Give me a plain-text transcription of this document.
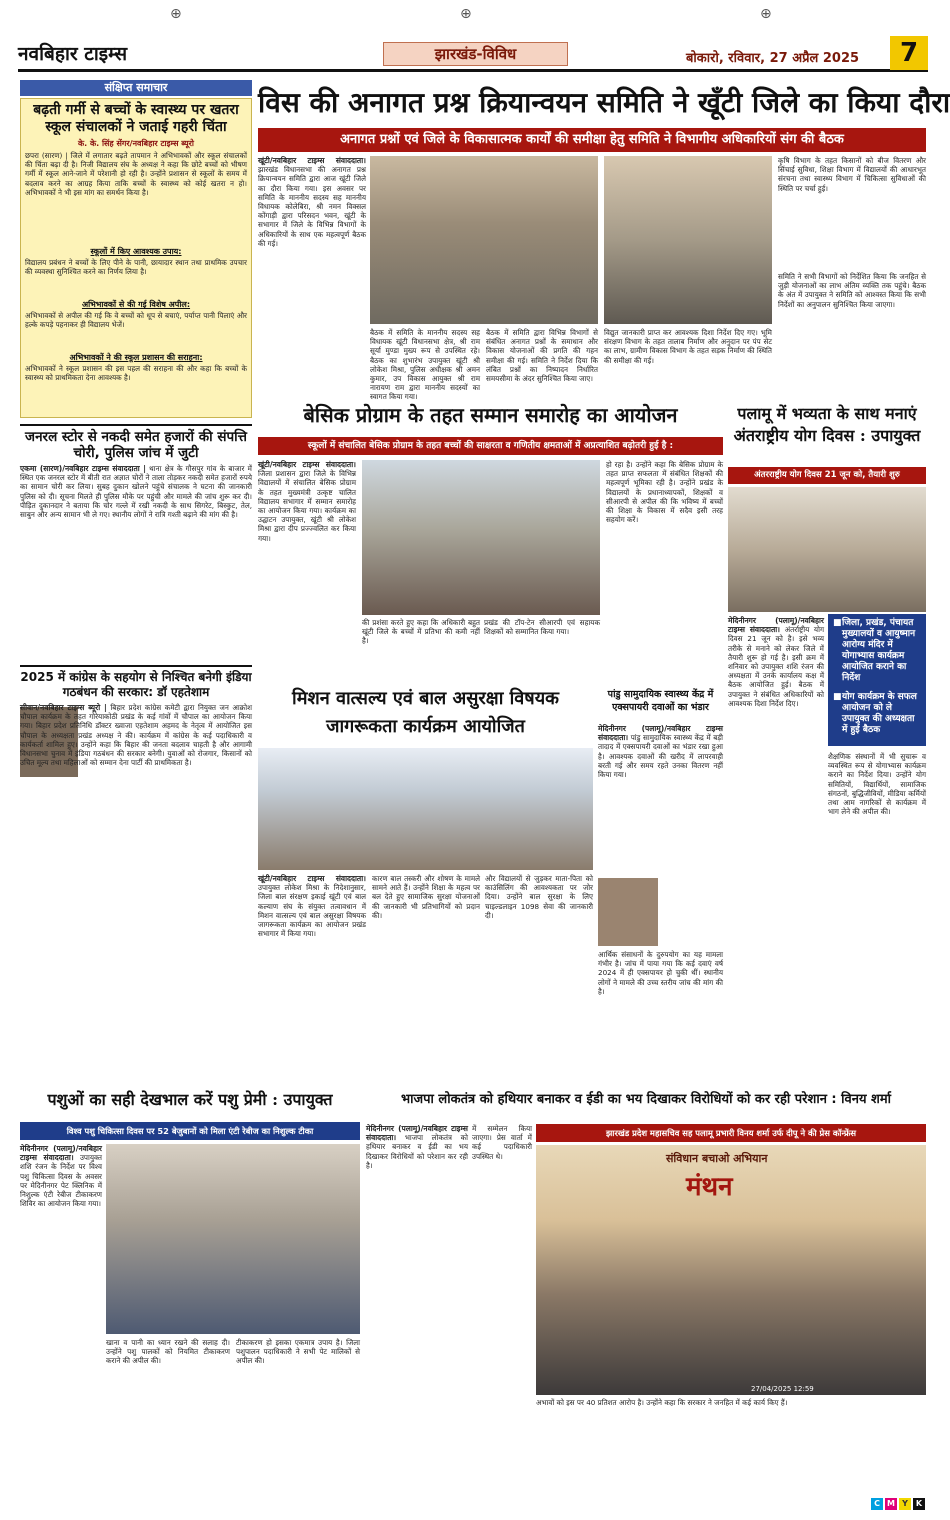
⊕	⊕	⊕
नवबिहार टाइम्स	झारखंड-विविध	बोकारो, रविवार, 27 अप्रैल 2025	7
संक्षिप्त समाचार
बढ़ती गर्मी से बच्चों के स्वास्थ्य पर खतरा स्कूल संचालकों ने जताई गहरी चिंता
के. के. सिंह सेंगर/नवबिहार टाइम्स ब्यूरो
छपरा (सारण) | जिले में लगातार बढ़ते तापमान ने अभिभावकों और स्कूल संचालकों की चिंता बढ़ा दी है। निजी विद्यालय संघ के अध्यक्ष ने कहा कि छोटे बच्चों को भीषण गर्मी में स्कूल आने-जाने में परेशानी हो रही है। उन्होंने प्रशासन से स्कूलों के समय में बदलाव करने का आग्रह किया ताकि बच्चों के स्वास्थ्य को कोई खतरा न हो। अभिभावकों ने भी इस मांग का समर्थन किया है।
स्कूलों में किए आवश्यक उपाय:
विद्यालय प्रबंधन ने बच्चों के लिए पीने के पानी, छायादार स्थान तथा प्राथमिक उपचार की व्यवस्था सुनिश्चित करने का निर्णय लिया है।
अभिभावकों से की गई विशेष अपील:
अभिभावकों से अपील की गई कि वे बच्चों को धूप से बचाएं, पर्याप्त पानी पिलाएं और हल्के कपड़े पहनाकर ही विद्यालय भेजें।
अभिभावकों ने की स्कूल प्रशासन की सराहना:
अभिभावकों ने स्कूल प्रशासन की इस पहल की सराहना की और कहा कि बच्चों के स्वास्थ्य को प्राथमिकता देना आवश्यक है।
जनरल स्टोर से नकदी समेत हजारों की संपत्ति चोरी, पुलिस जांच में जुटी
एकमा (सारण)/नवबिहार टाइम्स संवाददाता | थाना क्षेत्र के गौसपुर गांव के बाजार में स्थित एक जनरल स्टोर में बीती रात अज्ञात चोरों ने ताला तोड़कर नकदी समेत हजारों रुपये का सामान चोरी कर लिया। सुबह दुकान खोलने पहुंचे संचालक ने घटना की जानकारी पुलिस को दी। सूचना मिलते ही पुलिस मौके पर पहुंची और मामले की जांच शुरू कर दी। पीड़ित दुकानदार ने बताया कि चोर गल्ले में रखी नकदी के साथ सिगरेट, बिस्कुट, तेल, साबुन और अन्य सामान भी ले गए। स्थानीय लोगों ने रात्रि गश्ती बढ़ाने की मांग की है।
2025 में कांग्रेस के सहयोग से निश्चित बनेगी इंडिया गठबंधन की सरकार: डॉ एहतेशाम
सीवान/नवबिहार टाइम्स ब्यूरो | बिहार प्रदेश कांग्रेस कमेटी द्वारा नियुक्त जन आक्रोश चौपाल कार्यक्रम के तहत गोरेयाकोठी प्रखंड के कई गांवों में चौपाल का आयोजन किया गया। बिहार प्रदेश प्रतिनिधि डॉक्टर ख्वाजा एहतेशाम अहमद के नेतृत्व में आयोजित इस चौपाल के अध्यक्षता प्रखंड अध्यक्ष ने की। कार्यक्रम में कांग्रेस के कई पदाधिकारी व कार्यकर्ता शामिल हुए। उन्होंने कहा कि बिहार की जनता बदलाव चाहती है और आगामी विधानसभा चुनाव में इंडिया गठबंधन की सरकार बनेगी। युवाओं को रोजगार, किसानों को उचित मूल्य तथा महिलाओं को सम्मान देना पार्टी की प्राथमिकता है।
विस की अनागत प्रश्न क्रियान्वयन समिति ने खूँटी जिले का किया दौरा
अनागत प्रश्नों एवं जिले के विकासात्मक कार्यों की समीक्षा हेतु समिति ने विभागीय अधिकारियों संग की बैठक
खूंटी/नवबिहार टाइम्स संवाददाता। झारखंड विधानसभा की अनागत प्रश्न क्रियान्वयन समिति द्वारा आज खूंटी जिले का दौरा किया गया। इस अवसर पर समिति के माननीय सदस्य सह माननीय विधायक कोलेबिरा, श्री नमन विक्सल कोंगाड़ी द्वारा परिसदन भवन, खूंटी के सभागार में जिले के विभिन्न विभागों के अधिकारियों के साथ एक महत्वपूर्ण बैठक की गई।
बैठक में समिति के माननीय सदस्य सह विधायक खूंटी विधानसभा क्षेत्र, श्री राम सूर्या मुण्डा मुख्य रूप से उपस्थित रहे। बैठक का शुभारंभ उपायुक्त खूंटी श्री लोकेश मिश्रा, पुलिस अधीक्षक श्री अमन कुमार, उप विकास आयुक्त श्री राम नारायण राम द्वारा माननीय सदस्यों का स्वागत किया गया।
बैठक में समिति द्वारा विभिन्न विभागों से संबंधित अनागत प्रश्नों के समाधान और विकास योजनाओं की प्रगति की गहन समीक्षा की गई। समिति ने निर्देश दिया कि लंबित प्रश्नों का निष्पादन निर्धारित समयसीमा के अंदर सुनिश्चित किया जाए।
विद्युत जानकारी प्राप्त कर आवश्यक दिशा निर्देश दिए गए। भूमि संरक्षण विभाग के तहत तालाब निर्माण और अनुदान पर पंप सेट का लाभ, ग्रामीण विकास विभाग के तहत सड़क निर्माण की स्थिति की समीक्षा की गई।
कृषि विभाग के तहत किसानों को बीज वितरण और सिंचाई सुविधा, शिक्षा विभाग में विद्यालयों की आधारभूत संरचना तथा स्वास्थ्य विभाग में चिकित्सा सुविधाओं की स्थिति पर चर्चा हुई।
समिति ने सभी विभागों को निर्देशित किया कि जनहित से जुड़ी योजनाओं का लाभ अंतिम व्यक्ति तक पहुंचे। बैठक के अंत में उपायुक्त ने समिति को आश्वस्त किया कि सभी निर्देशों का अनुपालन सुनिश्चित किया जाएगा।
बेसिक प्रोग्राम के तहत सम्मान समारोह का आयोजन
स्कूलों में संचालित बेसिक प्रोग्राम के तहत बच्चों की साक्षरता व गणितीय क्षमताओं में अप्रत्याशित बढ़ोतरी हुई है :
खूंटी/नवबिहार टाइम्स संवाददाता। जिला प्रशासन द्वारा जिले के विभिन्न विद्यालयों में संचालित बेसिक प्रोग्राम के तहत मुख्यमंत्री उत्कृष्ट चालित विद्यालय सभागार में सम्मान समारोह का आयोजन किया गया। कार्यक्रम का उद्घाटन उपायुक्त, खूंटी श्री लोकेश मिश्रा द्वारा दीप प्रज्ज्वलित कर किया गया।
की प्रशंसा करते हुए कहा कि अधिकारी बहुत खूंटी जिले के बच्चों में प्रतिभा की कमी नहीं है।
प्रखंड की टॉप-टेन सीआरपी एवं सहायक शिक्षकों को सम्मानित किया गया।
हो रहा है। उन्होंने कहा कि बेसिक प्रोग्राम के तहत प्राप्त सफलता में संबंधित शिक्षकों की महत्वपूर्ण भूमिका रही है। उन्होंने प्रखंड के विद्यालयों के प्रधानाध्यापकों, शिक्षकों व सीआरपी से अपील की कि भविष्य में बच्चों की शिक्षा के विकास में सदैव इसी तरह सहयोग करें।
पलामू में भव्यता के साथ मनाएं अंतराष्ट्रीय योग दिवस : उपायुक्त
अंतरराष्ट्रीय योग दिवस 21 जून को, तैयारी शुरु
मेदिनीनगर (पलामू)/नवबिहार टाइम्स संवाददाता। अंतर्राष्ट्रीय योग दिवस 21 जून को है। इसे भव्य तरीके से मनाने को लेकर जिले में तैयारी शुरू हो गई है। इसी क्रम में शनिवार को उपायुक्त शशि रंजन की अध्यक्षता में उनके कार्यालय कक्ष में बैठक आयोजित हुई। बैठक में उपायुक्त ने संबंधित अधिकारियों को आवश्यक दिशा निर्देश दिए।

■ जिला, प्रखंड, पंचायत मुख्यालयों व आयुष्मान आरोग्य मंदिर में योगाभ्यास कार्यक्रम आयोजित कराने का निर्देश

■ योग कार्यक्रम के सफल आयोजन को ले उपायुक्त की अध्यक्षता में हुई बैठक

शैक्षणिक संस्थानों में भी सुचारू व व्यवस्थित रूप से योगाभ्यास कार्यक्रम कराने का निर्देश दिया। उन्होंने योग समितियों, विद्यार्थियों, सामाजिक संगठनों, बुद्धिजीवियों, मीडिया कर्मियों तथा आम नागरिकों से कार्यक्रम में भाग लेने की अपील की।
मिशन वात्सल्य एवं बाल असुरक्षा विषयक जागरूकता कार्यक्रम आयोजित
खूंटी/नवबिहार टाइम्स संवाददाता। उपायुक्त लोकेश मिश्रा के निदेशानुसार, जिला बाल संरक्षण इकाई खूंटी एवं बाल कल्याण संघ के संयुक्त तत्वावधान में मिशन वात्सल्य एवं बाल असुरक्षा विषयक जागरूकता कार्यक्रम का आयोजन प्रखंड सभागार में किया गया।
कारण बाल तस्करी और शोषण के मामले सामने आते हैं। उन्होंने शिक्षा के महत्व पर बल देते हुए सामाजिक सुरक्षा योजनाओं की जानकारी भी प्रतिभागियों को प्रदान की।
और विद्यालयों से जुड़कर माता-पिता को काउंसिलिंग की आवश्यकता पर जोर दिया। उन्होंने बाल सुरक्षा के लिए चाइल्डलाइन 1098 सेवा की जानकारी दी।
पांडु सामुदायिक स्वास्थ्य केंद्र में एक्सपायरी दवाओं का भंडार
मेदिनीनगर (पलामू)/नवबिहार टाइम्स संवाददाता। पांडु सामुदायिक स्वास्थ्य केंद्र में बड़ी तादाद में एक्सपायरी दवाओं का भंडार रखा हुआ है। आवश्यक दवाओं की खरीद में लापरवाही बरती गई और समय रहते उनका वितरण नहीं किया गया।
आर्थिक संसाधनों के दुरुपयोग का यह मामला गंभीर है। जांच में पाया गया कि कई दवाएं वर्ष 2024 में ही एक्सपायर हो चुकी थीं। स्थानीय लोगों ने मामले की उच्च स्तरीय जांच की मांग की है।
पशुओं का सही देखभाल करें पशु प्रेमी : उपायुक्त
विश्व पशु चिकित्सा दिवस पर 52 बेजुबानों को मिला एंटी रेबीज का निशुल्क टीका
मेदिनीनगर (पलामू)/नवबिहार टाइम्स संवाददाता। उपायुक्त शशि रंजन के निर्देश पर विश्व पशु चिकित्सा दिवस के अवसर पर मेदिनीनगर पेट क्लिनिक में निशुल्क एंटी रेबीज टीकाकरण शिविर का आयोजन किया गया।
खाना व पानी का ध्यान रखने की सलाह दी। उन्होंने पशु पालकों को नियमित टीकाकरण कराने की अपील की।
टीकाकरण हो इसका एकमात्र उपाय है। जिला पशुपालन पदाधिकारी ने सभी पेट मालिकों से अपील की।
भाजपा लोकतंत्र को हथियार बनाकर व ईडी का भय दिखाकर विरोधियों को कर रही परेशान : विनय शर्मा
मेदिनीनगर (पलामू)/नवबिहार टाइम्स संवाददाता। भाजपा लोकतंत्र को हथियार बनाकर व ईडी का भय दिखाकर विरोधियों को परेशान कर रही है।
में सम्मेलन किया जाएगा। प्रेस वार्ता में कई पदाधिकारी उपस्थित थे।
झारखंड प्रदेश महासचिव सह पलामू प्रभारी विनय शर्मा उर्फ दीपू ने की प्रेस कॉन्फ्रेंस
संविधान बचाओ अभियान
मंथन
27/04/2025 12:59
अभावों को इस पर 40 प्रतिशत आरोप है। उन्होंने कहा कि सरकार ने जनहित में कई कार्य किए हैं।
C M Y	K
